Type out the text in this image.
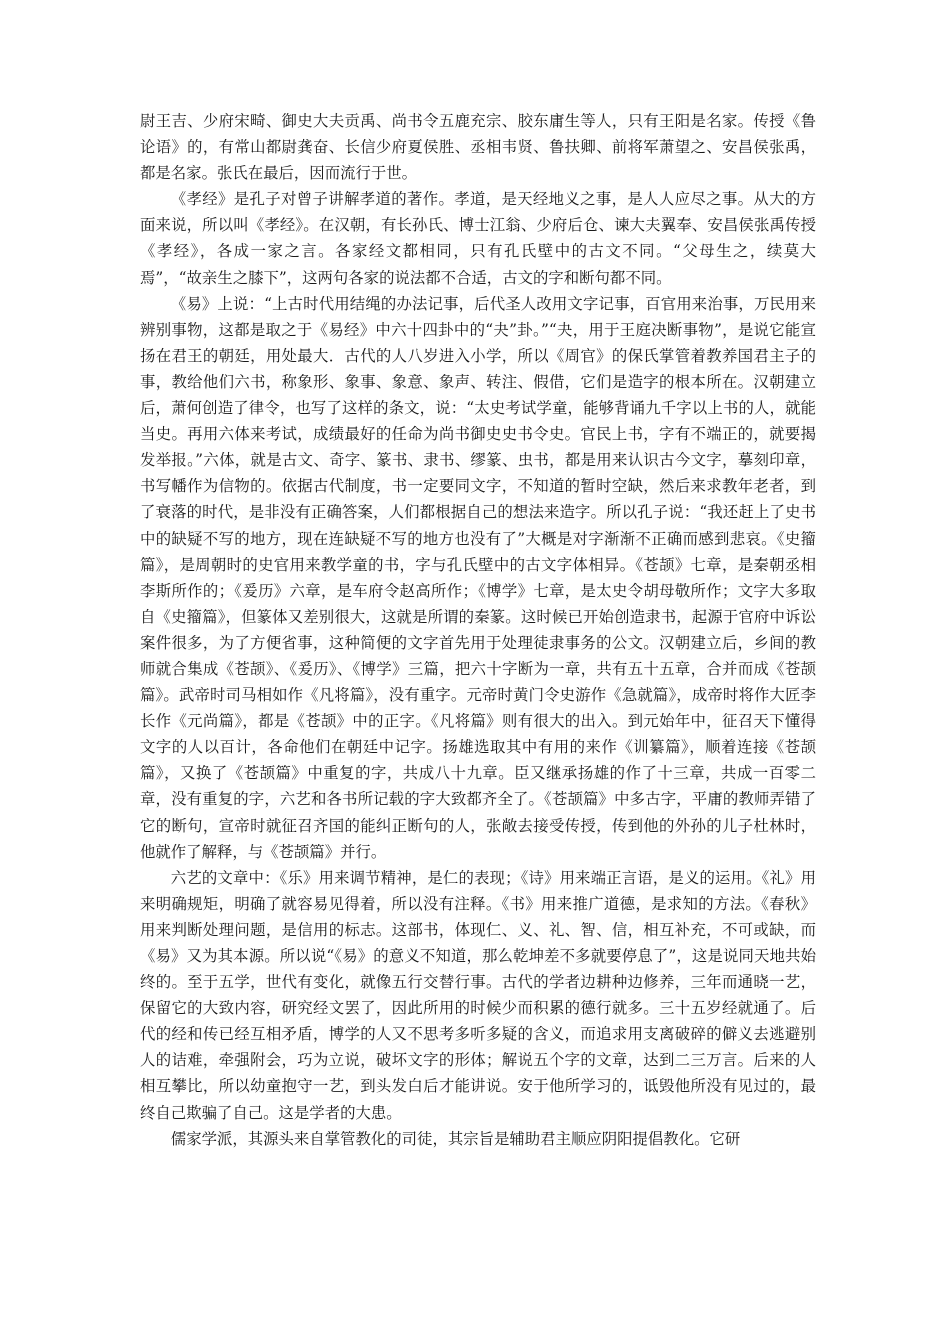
尉王吉、少府宋畸、御史大夫贡禹、尚书令五鹿充宗、胶东庸生等人，只有王阳是名家。传授《鲁论语》的，有常山都尉龚奋、长信少府夏侯胜、丞相韦贤、鲁扶卿、前将军萧望之、安昌侯张禹，都是名家。张氏在最后，因而流行于世。

《孝经》是孔子对曾子讲解孝道的著作。孝道，是天经地义之事，是人人应尽之事。从大的方面来说，所以叫《孝经》。在汉朝，有长孙氏、博士江翁、少府后仓、谏大夫翼奉、安昌侯张禹传授《孝经》，各成一家之言。各家经文都相同，只有孔氏壁中的古文不同。“父母生之，续莫大焉”，“故亲生之膝下”，这两句各家的说法都不合适，古文的字和断句都不同。

《易》上说：“上古时代用结绳的办法记事，后代圣人改用文字记事，百官用来治事，万民用来辨别事物，这都是取之于《易经》中六十四卦中的“夬”卦。”“夬，用于王庭决断事物”，是说它能宣扬在君王的朝廷，用处最大．古代的人八岁进入小学，所以《周官》的保氏掌管着教养国君主子的事，教给他们六书，称象形、象事、象意、象声、转注、假借，它们是造字的根本所在。汉朝建立后，萧何创造了律令，也写了这样的条文，说：“太史考试学童，能够背诵九千字以上书的人，就能当史。再用六体来考试，成绩最好的任命为尚书御史史书令史。官民上书，字有不端正的，就要揭发举报。”六体，就是古文、奇字、篆书、隶书、缪篆、虫书，都是用来认识古今文字，摹刻印章，书写幡作为信物的。依据古代制度，书一定要同文字，不知道的暂时空缺，然后来求教年老者，到了衰落的时代，是非没有正确答案，人们都根据自己的想法来造字。所以孔子说：“我还赶上了史书中的缺疑不写的地方，现在连缺疑不写的地方也没有了”大概是对字渐渐不正确而感到悲哀。《史籀篇》，是周朝时的史官用来教学童的书，字与孔氏壁中的古文字体相异。《苍颉》七章，是秦朝丞相李斯所作的；《爰历》六章，是车府令赵高所作；《博学》七章，是太史令胡母敬所作；文字大多取自《史籀篇》，但篆体又差别很大，这就是所谓的秦篆。这时候已开始创造隶书，起源于官府中诉讼案件很多，为了方便省事，这种简便的文字首先用于处理徒隶事务的公文。汉朝建立后，乡间的教师就合集成《苍颉》、《爰历》、《博学》三篇，把六十字断为一章，共有五十五章，合并而成《苍颉篇》。武帝时司马相如作《凡将篇》，没有重字。元帝时黄门令史游作《急就篇》，成帝时将作大匠李长作《元尚篇》，都是《苍颉》中的正字。《凡将篇》则有很大的出入。到元始年中，征召天下懂得文字的人以百计，各命他们在朝廷中记字。扬雄选取其中有用的来作《训纂篇》，顺着连接《苍颉篇》，又换了《苍颉篇》中重复的字，共成八十九章。臣又继承扬雄的作了十三章，共成一百零二章，没有重复的字，六艺和各书所记载的字大致都齐全了。《苍颉篇》中多古字，平庸的教师弄错了它的断句，宣帝时就征召齐国的能纠正断句的人，张敞去接受传授，传到他的外孙的儿子杜林时，他就作了解释，与《苍颉篇》并行。

六艺的文章中：《乐》用来调节精神，是仁的表现；《诗》用来端正言语，是义的运用。《礼》用来明确规矩，明确了就容易见得着，所以没有注释。《书》用来推广道德，是求知的方法。《春秋》用来判断处理问题，是信用的标志。这部书，体现仁、义、礼、智、信，相互补充，不可或缺，而《易》又为其本源。所以说“《易》的意义不知道，那么乾坤差不多就要停息了”，这是说同天地共始终的。至于五学，世代有变化，就像五行交替行事。古代的学者边耕种边修养，三年而通晓一艺，保留它的大致内容，研究经文罢了，因此所用的时候少而积累的德行就多。三十五岁经就通了。后代的经和传已经互相矛盾，博学的人又不思考多听多疑的含义，而追求用支离破碎的僻义去逃避别人的诘难，牵强附会，巧为立说，破坏文字的形体；解说五个字的文章，达到二三万言。后来的人相互攀比，所以幼童抱守一艺，到头发白后才能讲说。安于他所学习的，诋毁他所没有见过的，最终自己欺骗了自己。这是学者的大患。

儒家学派，其源头来自掌管教化的司徒，其宗旨是辅助君主顺应阴阳提倡教化。它研
